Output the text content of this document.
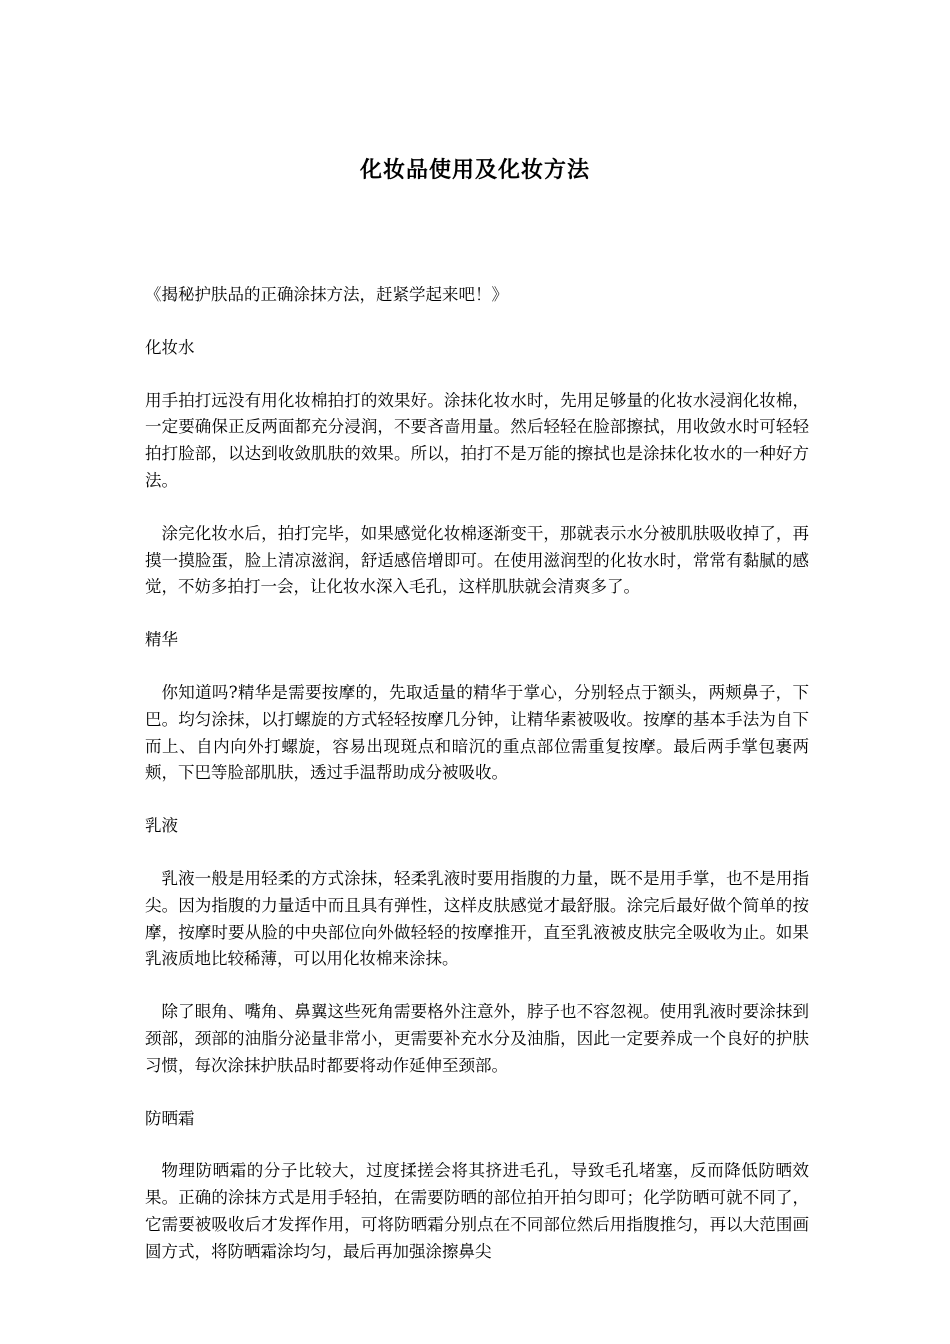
化妆品使用及化妆方法

《揭秘护肤品的正确涂抹方法，赶紧学起来吧！》

化妆水

用手拍打远没有用化妆棉拍打的效果好。涂抹化妆水时，先用足够量的化妆水浸润化妆棉，一定要确保正反两面都充分浸润，不要吝啬用量。然后轻轻在脸部擦拭，用收敛水时可轻轻拍打脸部，以达到收敛肌肤的效果。所以，拍打不是万能的擦拭也是涂抹化妆水的一种好方法。

涂完化妆水后，拍打完毕，如果感觉化妆棉逐渐变干，那就表示水分被肌肤吸收掉了，再摸一摸脸蛋，脸上清凉滋润，舒适感倍增即可。在使用滋润型的化妆水时，常常有黏腻的感觉，不妨多拍打一会，让化妆水深入毛孔，这样肌肤就会清爽多了。

精华

你知道吗?精华是需要按摩的，先取适量的精华于掌心，分别轻点于额头，两颊鼻子，下巴。均匀涂抹，以打螺旋的方式轻轻按摩几分钟，让精华素被吸收。按摩的基本手法为自下而上、自内向外打螺旋，容易出现斑点和暗沉的重点部位需重复按摩。最后两手掌包裹两颊，下巴等脸部肌肤，透过手温帮助成分被吸收。

乳液

乳液一般是用轻柔的方式涂抹，轻柔乳液时要用指腹的力量，既不是用手掌，也不是用指尖。因为指腹的力量适中而且具有弹性，这样皮肤感觉才最舒服。涂完后最好做个简单的按摩，按摩时要从脸的中央部位向外做轻轻的按摩推开，直至乳液被皮肤完全吸收为止。如果乳液质地比较稀薄，可以用化妆棉来涂抹。

除了眼角、嘴角、鼻翼这些死角需要格外注意外，脖子也不容忽视。使用乳液时要涂抹到颈部，颈部的油脂分泌量非常小，更需要补充水分及油脂，因此一定要养成一个良好的护肤习惯，每次涂抹护肤品时都要将动作延伸至颈部。

防晒霜

物理防晒霜的分子比较大，过度揉搓会将其挤进毛孔，导致毛孔堵塞，反而降低防晒效果。正确的涂抹方式是用手轻拍，在需要防晒的部位拍开拍匀即可；化学防晒可就不同了，它需要被吸收后才发挥作用，可将防晒霜分别点在不同部位然后用指腹推匀，再以大范围画圆方式，将防晒霜涂均匀，最后再加强涂擦鼻尖
